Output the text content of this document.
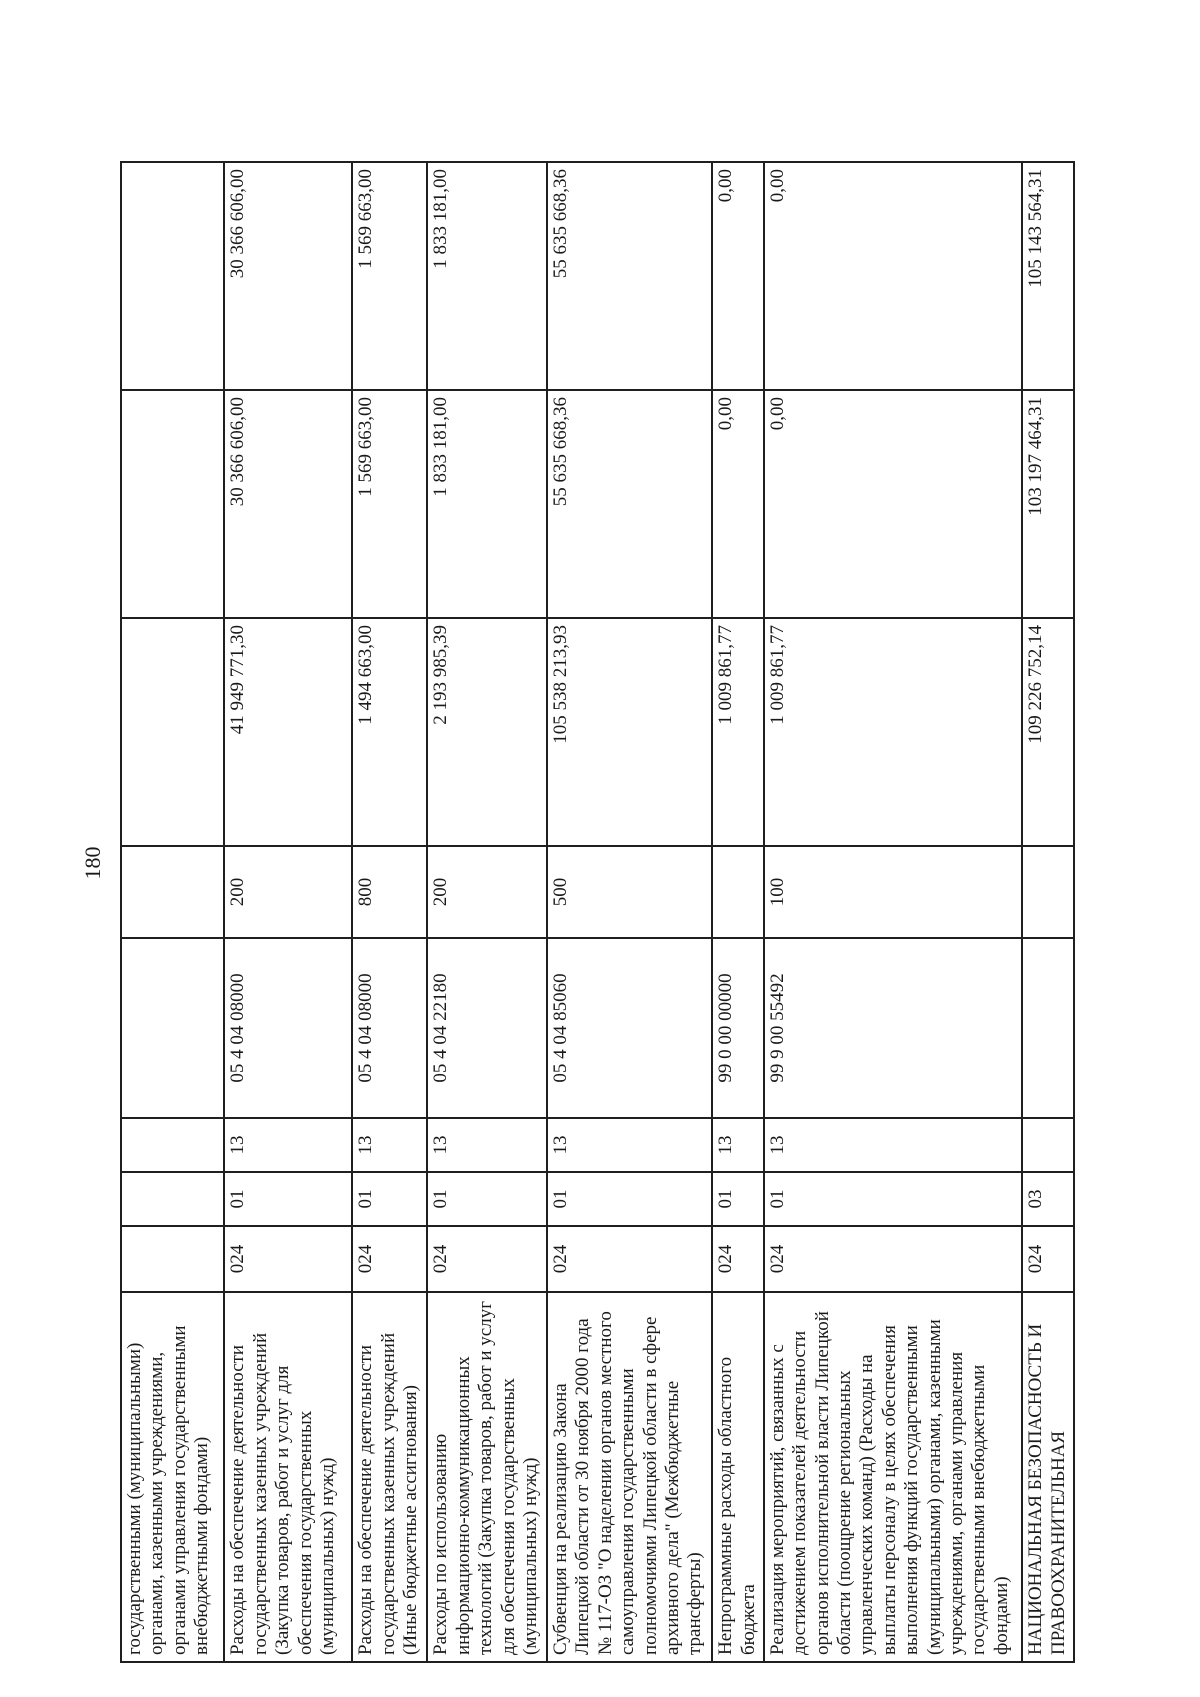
180
государственными (муниципальными) органами, казенными учреждениями, органами управления государственными внебюджетными фондами)								
Расходы на обеспечение деятельности государственных казенных учреждений (Закупка товаров, работ и услуг для обеспечения государственных (муниципальных) нужд)	024	01	13	05 4 04 08000	200	41 949 771,30	30 366 606,00	30 366 606,00
Расходы на обеспечение деятельности государственных казенных учреждений (Иные бюджетные ассигнования)	024	01	13	05 4 04 08000	800	1 494 663,00	1 569 663,00	1 569 663,00
Расходы по использованию информационно-коммуникационных технологий (Закупка товаров, работ и услуг для обеспечения государственных (муниципальных) нужд)	024	01	13	05 4 04 22180	200	2 193 985,39	1 833 181,00	1 833 181,00
Субвенция на реализацию Закона Липецкой области от 30 ноября 2000 года № 117-ОЗ "О наделении органов местного самоуправления государственными полномочиями Липецкой области в сфере архивного дела" (Межбюджетные трансферты)	024	01	13	05 4 04 85060	500	105 538 213,93	55 635 668,36	55 635 668,36
Непрограммные расходы областного бюджета	024	01	13	99 0 00 00000		1 009 861,77	0,00	0,00
Реализация мероприятий, связанных с достижением показателей деятельности органов исполнительной власти Липецкой области (поощрение региональных управленческих команд) (Расходы на выплаты персоналу в целях обеспечения выполнения функций государственными (муниципальными) органами, казенными учреждениями, органами управления государственными внебюджетными фондами)	024	01	13	99 9 00 55492	100	1 009 861,77	0,00	0,00
НАЦИОНАЛЬНАЯ БЕЗОПАСНОСТЬ И ПРАВООХРАНИТЕЛЬНАЯ	024	03				109 226 752,14	103 197 464,31	105 143 564,31
